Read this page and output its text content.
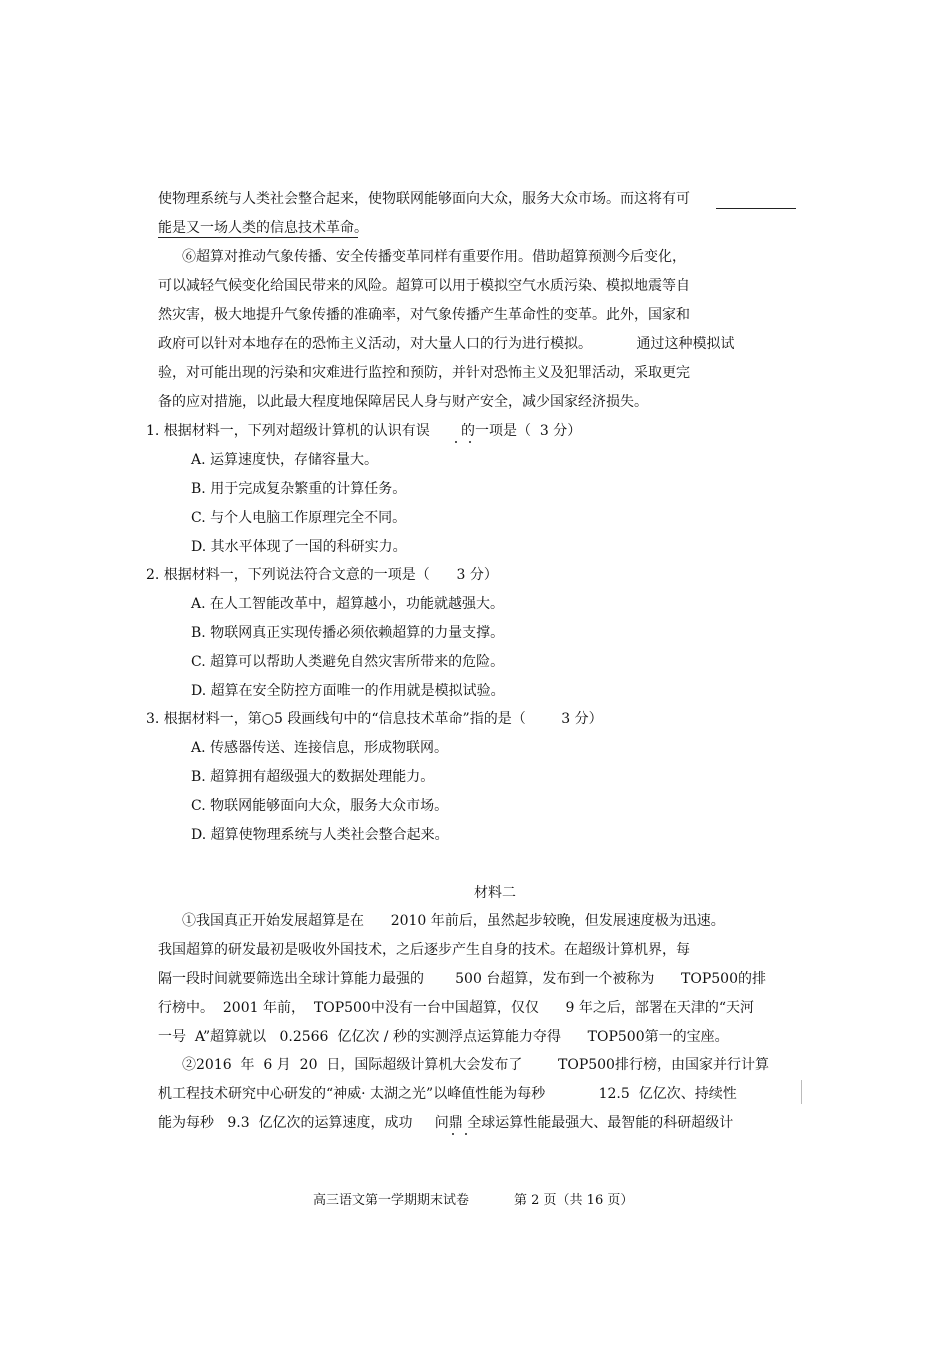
使物理系统与人类社会整合起来，使物联网能够面向大众，服务大众市场。而这将有可

能是又一场人类的信息技术革命。

⑥超算对推动气象传播、安全传播变革同样有重要作用。借助超算预测今后变化，

可以减轻气候变化给国民带来的风险。超算可以用于模拟空气水质污染、模拟地震等自

然灾害，极大地提升气象传播的准确率，对气象传播产生革命性的变革。此外，国家和

政府可以针对本地存在的恐怖主义活动，对大量人口的行为进行模拟。          通过这种模拟试

验，对可能出现的污染和灾难进行监控和预防，并针对恐怖主义及犯罪活动，采取更完

备的应对措施，以此最大程度地保障居民人身与财产安全，减少国家经济损失。

1. 根据材料一，下列对超级计算机的认识有误       的一项是（  3 分）

A. 运算速度快，存储容量大。

B. 用于完成复杂繁重的计算任务。

C. 与个人电脑工作原理完全不同。

D. 其水平体现了一国的科研实力。

2. 根据材料一，下列说法符合文意的一项是（      3 分）

A. 在人工智能改革中，超算越小，功能就越强大。

B. 物联网真正实现传播必须依赖超算的力量支撑。

C. 超算可以帮助人类避免自然灾害所带来的危险。

D. 超算在安全防控方面唯一的作用就是模拟试验。

3. 根据材料一，第○5 段画线句中的“信息技术革命”指的是（        3 分）

A. 传感器传送、连接信息，形成物联网。

B. 超算拥有超级强大的数据处理能力。

C. 物联网能够面向大众，服务大众市场。

D. 超算使物理系统与人类社会整合起来。

材料二

①我国真正开始发展超算是在      2010 年前后，虽然起步较晚，但发展速度极为迅速。

我国超算的研发最初是吸收外国技术，之后逐步产生自身的技术。在超级计算机界，每

隔一段时间就要筛选出全球计算能力最强的       500 台超算，发布到一个被称为      TOP500的排

行榜中。  2001 年前，  TOP500中没有一台中国超算，仅仅      9 年之后，部署在天津的“天河

一号  A”超算就以   0.2566  亿亿次 / 秒的实测浮点运算能力夺得      TOP500第一的宝座。

②2016  年  6 月  20  日，国际超级计算机大会发布了        TOP500排行榜，由国家并行计算

机工程技术研究中心研发的“神威· 太湖之光”以峰值性能为每秒            12.5  亿亿次、持续性

能为每秒   9.3  亿亿次的运算速度，成功     问鼎 全球运算性能最强大、最智能的科研超级计

高三语文第一学期期末试卷	第 2 页（共 16 页）
